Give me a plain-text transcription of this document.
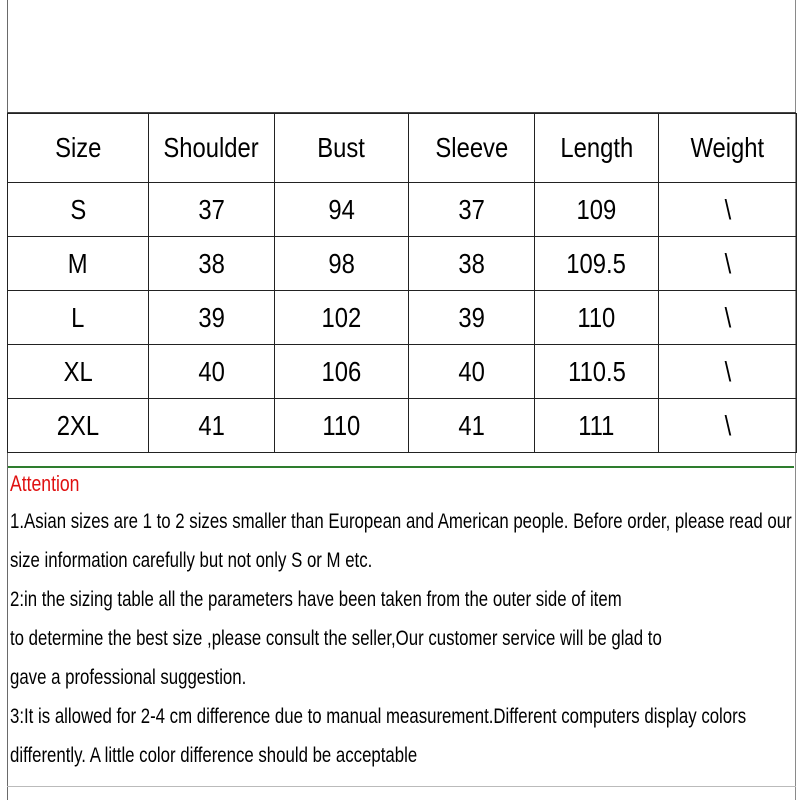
Size	Shoulder	Bust	Sleeve	Length	Weight
S	37	94	37	109	\
M	38	98	38	109.5	\
L	39	102	39	110	\
XL	40	106	40	110.5	\
2XL	41	110	41	111	\
Attention
1.Asian sizes are 1 to 2 sizes smaller than European and American people. Before order, please read our
size information carefully but not only S or M etc.
2:in the sizing table all the parameters have been taken from the outer side of item
to determine the best size ,please consult the seller,Our customer service will be glad to
gave a professional suggestion.
3:It is allowed for 2-4 cm difference due to manual measurement.Different computers display colors
differently. A little color difference should be acceptable
